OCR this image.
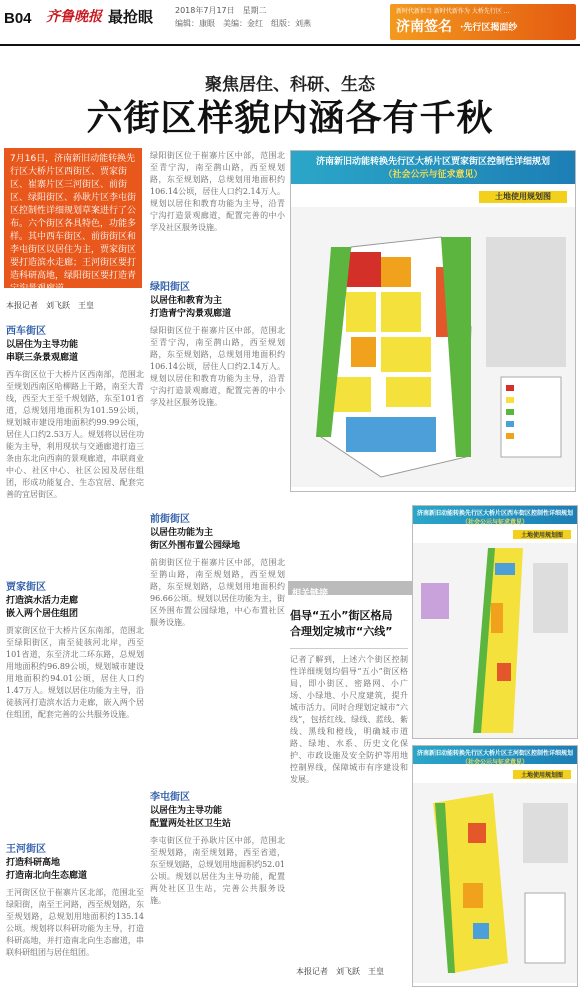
B04 齐鲁晚报 最抢眼	2018年7月17日　星期二
编辑：康眼　美编：金红　组版：刘燕
新时代新担当 新时代新作为 大桥先行区 ...
济南签名 ·先行区揭面纱
聚焦居住、科研、生态
六街区样貌内涵各有千秋

7月16日，济南新旧动能转换先行区大桥片区西街区、贾家街区、崔寨片区三河街区、前街区、绿阳街区、孙耿片区李屯街区控制性详细规划草案进行了公布。六个街区各具特色，功能多样。其中西车街区、前街街区和李屯街区以居住为主，贾家街区要打造滨水走廊；王河街区要打造科研高地，绿阳街区要打造青宁沟景观廊道。

本报记者　刘飞跃　王皇
西车街区
以居住为主导功能
串联三条景观廊道
西车街区位于大桥片区西南部，范围北至规划西南区哈柳路上干路，南至大青线，西至大王至千规划路，东至101省道，总规划用地面积为101.59公顷，规划城市建设用地面积约99.99公顷，居住人口约2.53万人。规划将以居住功能为主导，利用现状与交通廊道打造三条由东北向西南的景观廊道，串联商业中心、社区中心、社区公园及居住组团，形成功能复合、生态宜居、配套完善的宜居街区。
贾家街区
打造滨水活力走廊
嵌入两个居住组团
贾家街区位于大桥片区东南部，范围北至绿阳街区，南至徒骇河北岸，西至101省道，东至济北二环东路，总规划用地面积约96.89公顷，规划城市建设用地面积约94.01公顷，居住人口约1.47万人。规划以居住功能为主导，沿徒骇河打造滨水活力走廊，嵌入两个居住组团，配套完善的公共服务设施。
王河街区
打造科研高地
打造南北向生态廊道
王河街区位于崔寨片区北部，范围北至绿阳街，南至王河路，西至规划路，东至规划路，总规划用地面积约135.14公顷。规划将以科研功能为主导，打造科研高地，并打造南北向生态廊道，串联科研组团与居住组团。
绿阳街区位于崔寨片区中部，范围北至青宁沟，南至鹊山路，西至规划路，东至规划路，总规划用地面积约106.14公顷，居住人口约2.14万人。规划以居住和教育功能为主导，沿青宁沟打造景观廊道，配置完善的中小学及社区服务设施。
绿阳街区
以居住和教育为主
打造青宁沟景观廊道
绿阳街区位于崔寨片区中部，范围北至青宁沟，南至鹊山路，西至规划路，东至规划路，总规划用地面积约106.14公顷，居住人口约2.14万人。规划以居住和教育功能为主导，沿青宁沟打造景观廊道，配置完善的中小学及社区服务设施。
前街街区
以居住功能为主
街区外围布置公园绿地
前街街区位于崔寨片区中部，范围北至鹊山路，南至规划路，西至规划路，东至规划路，总规划用地面积约96.66公顷。规划以居住功能为主，街区外围布置公园绿地，中心布置社区服务设施。
李屯街区
以居住为主导功能
配置两处社区卫生站
李屯街区位于孙耿片区中部，范围北至规划路，南至规划路，西至省道，东至规划路，总规划用地面积约52.01公顷。规划以居住为主导功能，配置两处社区卫生站，完善公共服务设施。
济南新旧动能转换先行区大桥片区贾家街区控制性详细规划
（社会公示与征求意见）
土地使用规划图
济南新旧动能转换先行区大桥片区西车街区控制性详细规划
（社会公示与征求意见）
土地使用规划图
济南新旧动能转换先行区大桥片区王河街区控制性详细规划
（社会公示与征求意见）
土地使用规划图
相关链接
倡导“五小”街区格局
合理划定城市“六线”
记者了解到，上述六个街区控制性详细规划均倡导“五小”街区格局，即小街区、密路网、小广场、小绿地、小尺度建筑，提升城市活力。同时合理划定城市“六线”，包括红线、绿线、蓝线、紫线、黑线和橙线，明确城市道路、绿地、水系、历史文化保护、市政设施及安全防护等用地控制界线，保障城市有序建设和发展。
本报记者　刘飞跃　王皇
